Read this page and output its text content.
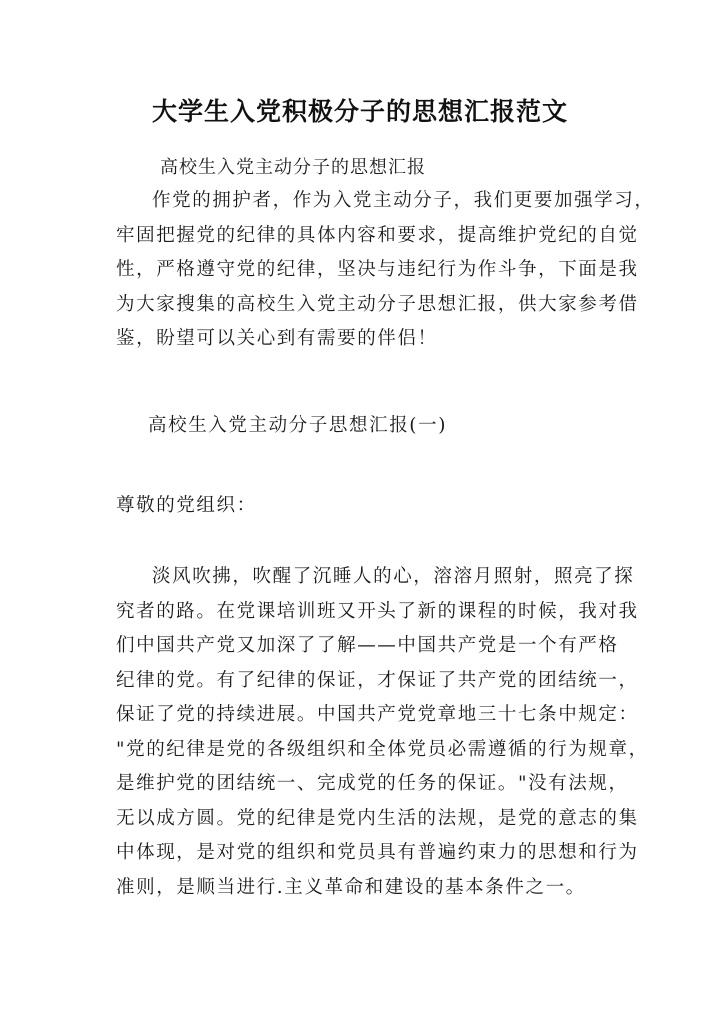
大学生入党积极分子的思想汇报范文
高校生入党主动分子的思想汇报
作党的拥护者，作为入党主动分子，我们更要加强学习，
牢固把握党的纪律的具体内容和要求，提高维护党纪的自觉
性，严格遵守党的纪律，坚决与违纪行为作斗争，下面是我
为大家搜集的高校生入党主动分子思想汇报，供大家参考借
鉴，盼望可以关心到有需要的伴侣！
高校生入党主动分子思想汇报(一)
尊敬的党组织：
淡风吹拂，吹醒了沉睡人的心，溶溶月照射，照亮了探
究者的路。在党课培训班又开头了新的课程的时候，我对我
们中国共产党又加深了了解——中国共产党是一个有严格
纪律的党。有了纪律的保证，才保证了共产党的团结统一，
保证了党的持续进展。中国共产党党章地三十七条中规定：
"党的纪律是党的各级组织和全体党员必需遵循的行为规章，
是维护党的团结统一、完成党的任务的保证。"没有法规，
无以成方圆。党的纪律是党内生活的法规，是党的意志的集
中体现，是对党的组织和党员具有普遍约束力的思想和行为
准则，是顺当进行.主义革命和建设的基本条件之一。
